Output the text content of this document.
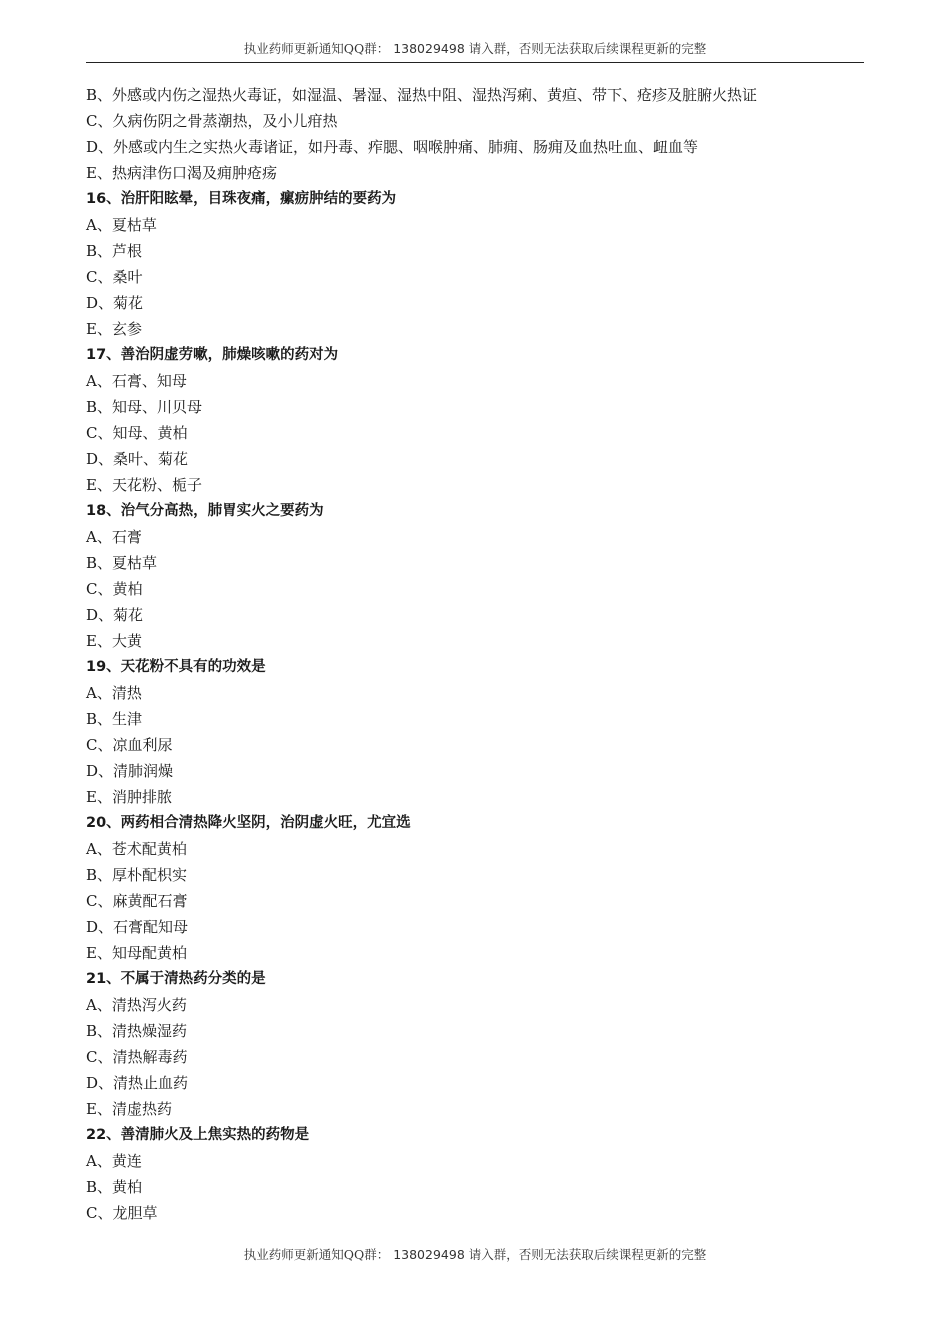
执业药师更新通知QQ群： 138029498 请入群，否则无法获取后续课程更新的完整
B、外感或内伤之湿热火毒证，如湿温、暑湿、湿热中阻、湿热泻痢、黄疸、带下、疮疹及脏腑火热证
C、久病伤阴之骨蒸潮热，及小儿疳热
D、外感或内生之实热火毒诸证，如丹毒、痄腮、咽喉肿痛、肺痈、肠痈及血热吐血、衄血等
E、热病津伤口渴及痈肿疮疡
16、治肝阳眩晕，目珠夜痛，瘰疬肿结的要药为
A、夏枯草
B、芦根
C、桑叶
D、菊花
E、玄参
17、善治阴虚劳嗽，肺燥咳嗽的药对为
A、石膏、知母
B、知母、川贝母
C、知母、黄柏
D、桑叶、菊花
E、天花粉、栀子
18、治气分高热，肺胃实火之要药为
A、石膏
B、夏枯草
C、黄柏
D、菊花
E、大黄
19、天花粉不具有的功效是
A、清热
B、生津
C、凉血利尿
D、清肺润燥
E、消肿排脓
20、两药相合清热降火坚阴，治阴虚火旺，尤宜选
A、苍术配黄柏
B、厚朴配枳实
C、麻黄配石膏
D、石膏配知母
E、知母配黄柏
21、不属于清热药分类的是
A、清热泻火药
B、清热燥湿药
C、清热解毒药
D、清热止血药
E、清虚热药
22、善清肺火及上焦实热的药物是
A、黄连
B、黄柏
C、龙胆草
执业药师更新通知QQ群： 138029498 请入群，否则无法获取后续课程更新的完整
